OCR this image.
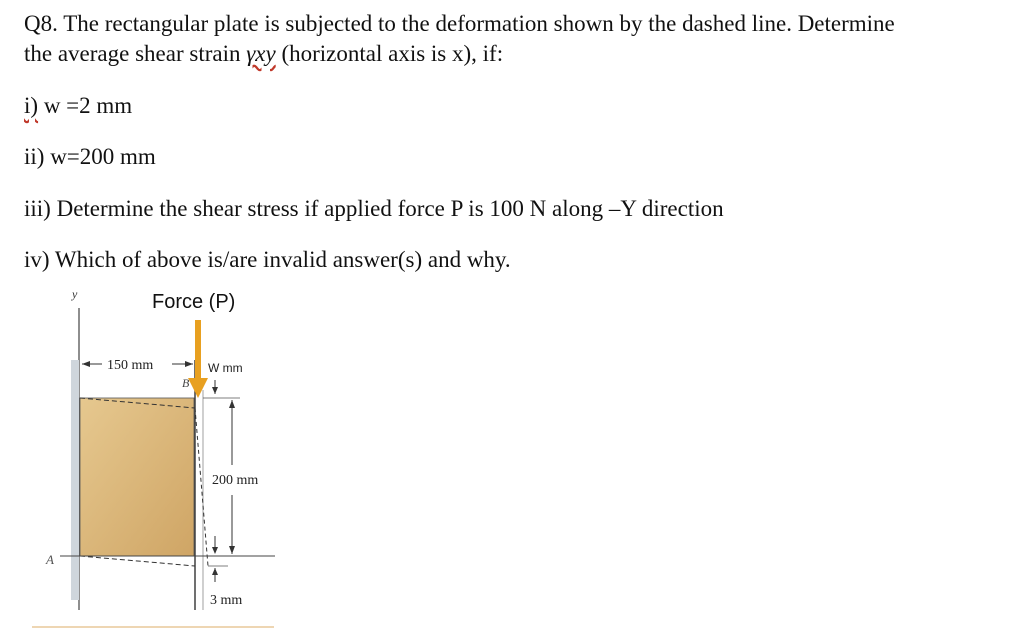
Q8. The rectangular plate is subjected to the deformation shown by the dashed line. Determine

the average shear strain γxy (horizontal axis is x), if:

i) w =2 mm

ii) w=200 mm

iii) Determine the shear stress if applied force P is 100 N along –Y direction

iv) Which of above is/are invalid answer(s) and why.

y	Force (P)
A
150 mm	W mm
B
200 mm
3 mm
